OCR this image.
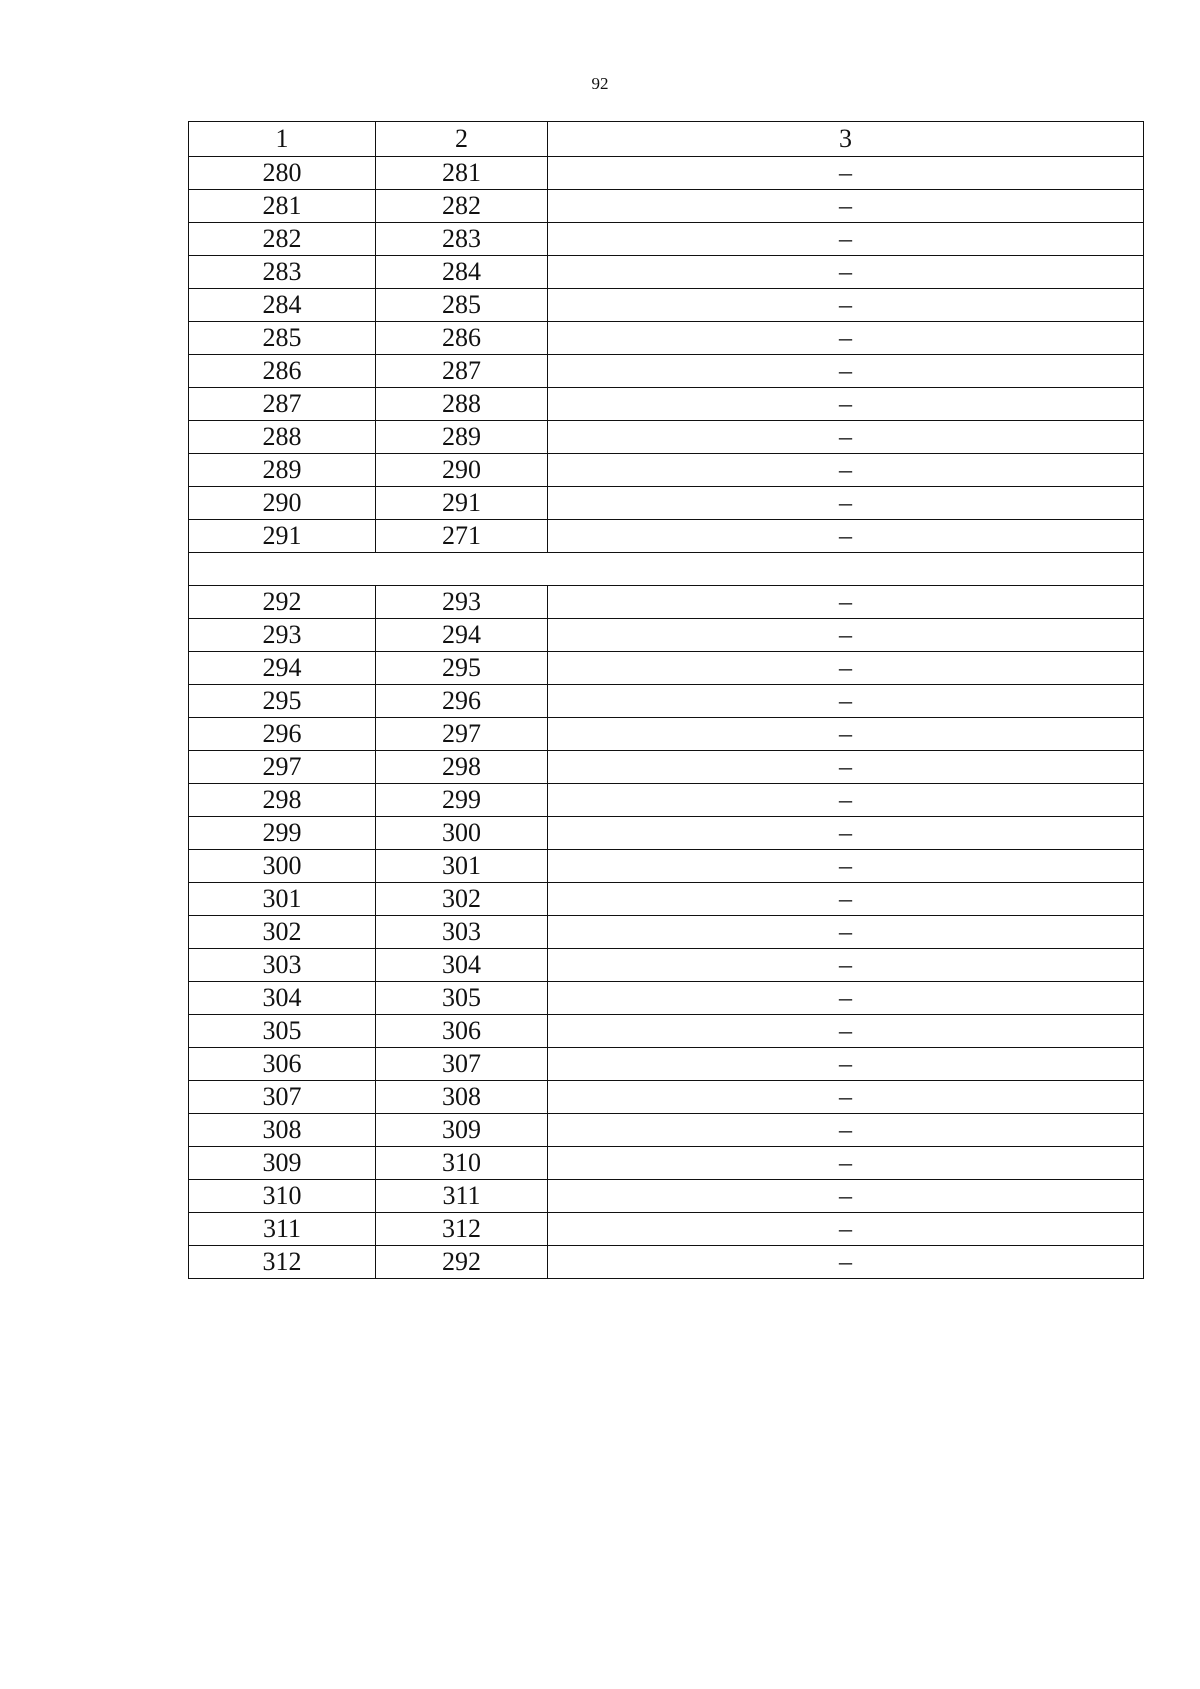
92
1	2	3
280	281	–
281	282	–
282	283	–
283	284	–
284	285	–
285	286	–
286	287	–
287	288	–
288	289	–
289	290	–
290	291	–
291	271	–

292	293	–
293	294	–
294	295	–
295	296	–
296	297	–
297	298	–
298	299	–
299	300	–
300	301	–
301	302	–
302	303	–
303	304	–
304	305	–
305	306	–
306	307	–
307	308	–
308	309	–
309	310	–
310	311	–
311	312	–
312	292	–
